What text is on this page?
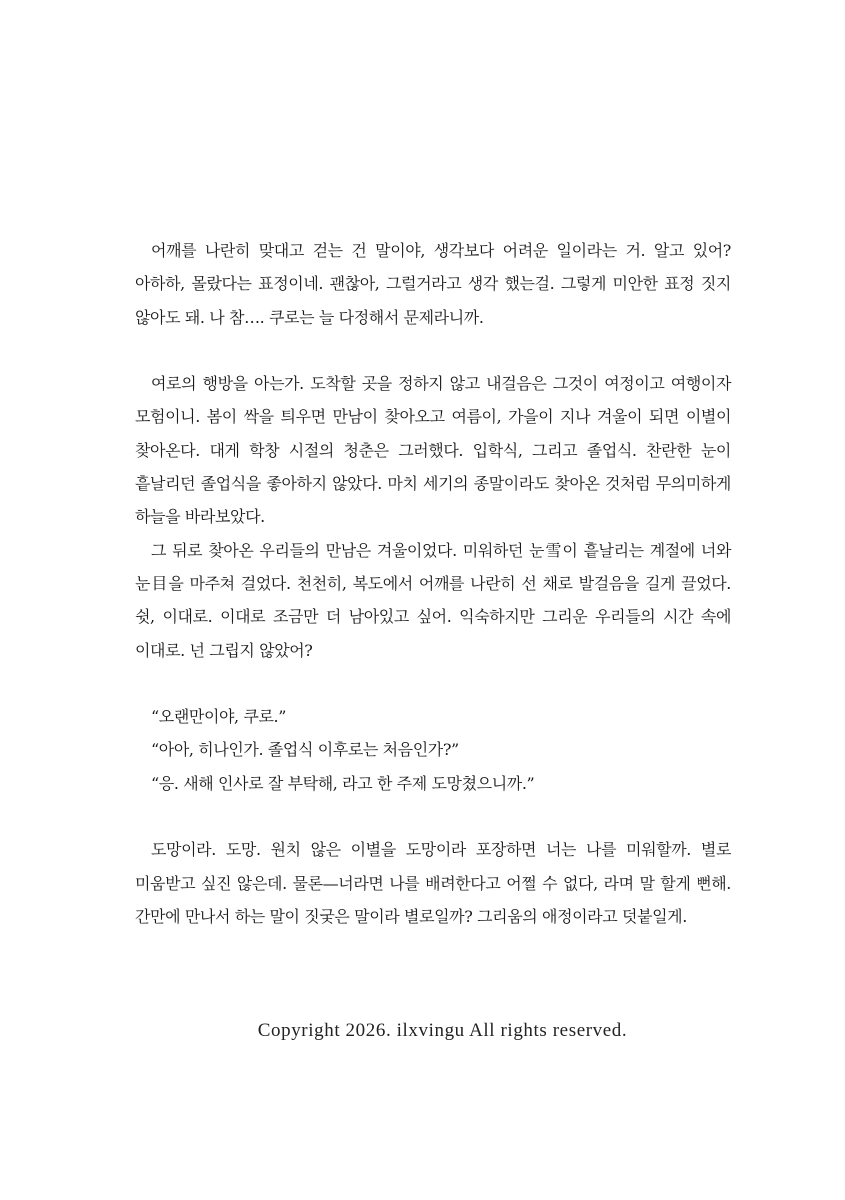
어깨를 나란히 맞대고 걷는 건 말이야, 생각보다 어려운 일이라는 거. 알고 있어? 아하하, 몰랐다는 표정이네. 괜찮아, 그럴거라고 생각 했는걸. 그렇게 미안한 표정 짓지 않아도 돼. 나 참…. 쿠로는 늘 다정해서 문제라니까.

여로의 행방을 아는가. 도착할 곳을 정하지 않고 내걸음은 그것이 여정이고 여행이자 모험이니. 봄이 싹을 틔우면 만남이 찾아오고 여름이, 가을이 지나 겨울이 되면 이별이 찾아온다. 대게 학창 시절의 청춘은 그러했다. 입학식, 그리고 졸업식. 찬란한 눈이 흩날리던 졸업식을 좋아하지 않았다. 마치 세기의 종말이라도 찾아온 것처럼 무의미하게 하늘을 바라보았다.

그 뒤로 찾아온 우리들의 만남은 겨울이었다. 미워하던 눈雪이 흩날리는 계절에 너와 눈目을 마주쳐 걸었다. 천천히, 복도에서 어깨를 나란히 선 채로 발걸음을 길게 끌었다. 쉿, 이대로. 이대로 조금만 더 남아있고 싶어. 익숙하지만 그리운 우리들의 시간 속에 이대로. 넌 그립지 않았어?

“오랜만이야, 쿠로.”

“아아, 히나인가. 졸업식 이후로는 처음인가?”

“응. 새해 인사로 잘 부탁해, 라고 한 주제 도망쳤으니까.”

도망이라. 도망. 원치 않은 이별을 도망이라 포장하면 너는 나를 미워할까. 별로 미움받고 싶진 않은데. 물론—너라면 나를 배려한다고 어쩔 수 없다, 라며 말 할게 뻔해. 간만에 만나서 하는 말이 짓궂은 말이라 별로일까? 그리움의 애정이라고 덧붙일게.

Copyright 2026. ilxvingu All rights reserved.
